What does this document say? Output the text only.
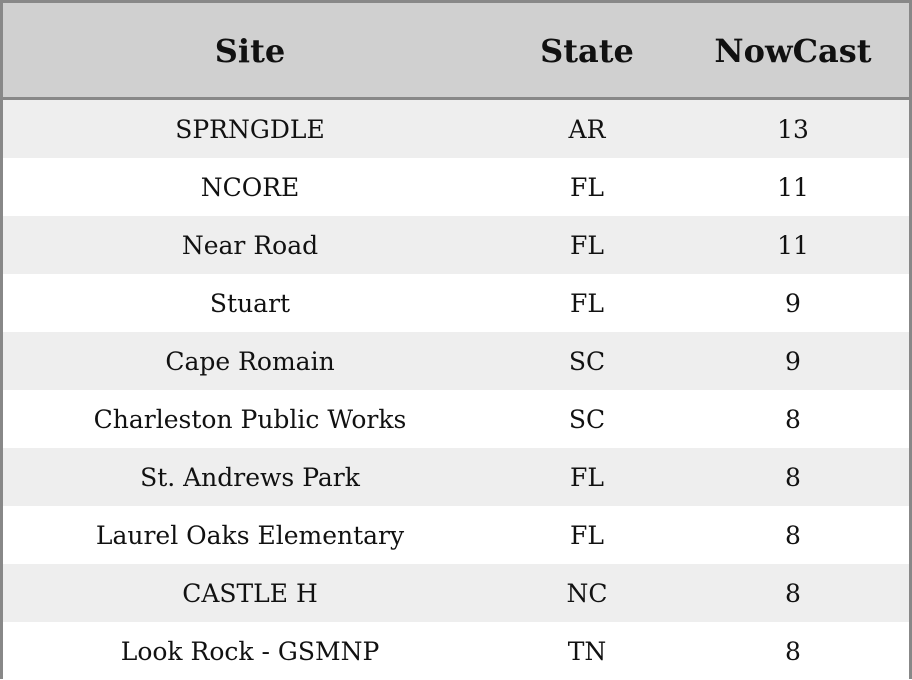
Site	State	NowCast
SPRNGDLE	AR	13
NCORE	FL	11
Near Road	FL	11
Stuart	FL	9
Cape Romain	SC	9
Charleston Public Works	SC	8
St. Andrews Park	FL	8
Laurel Oaks Elementary	FL	8
CASTLE H	NC	8
Look Rock - GSMNP	TN	8
